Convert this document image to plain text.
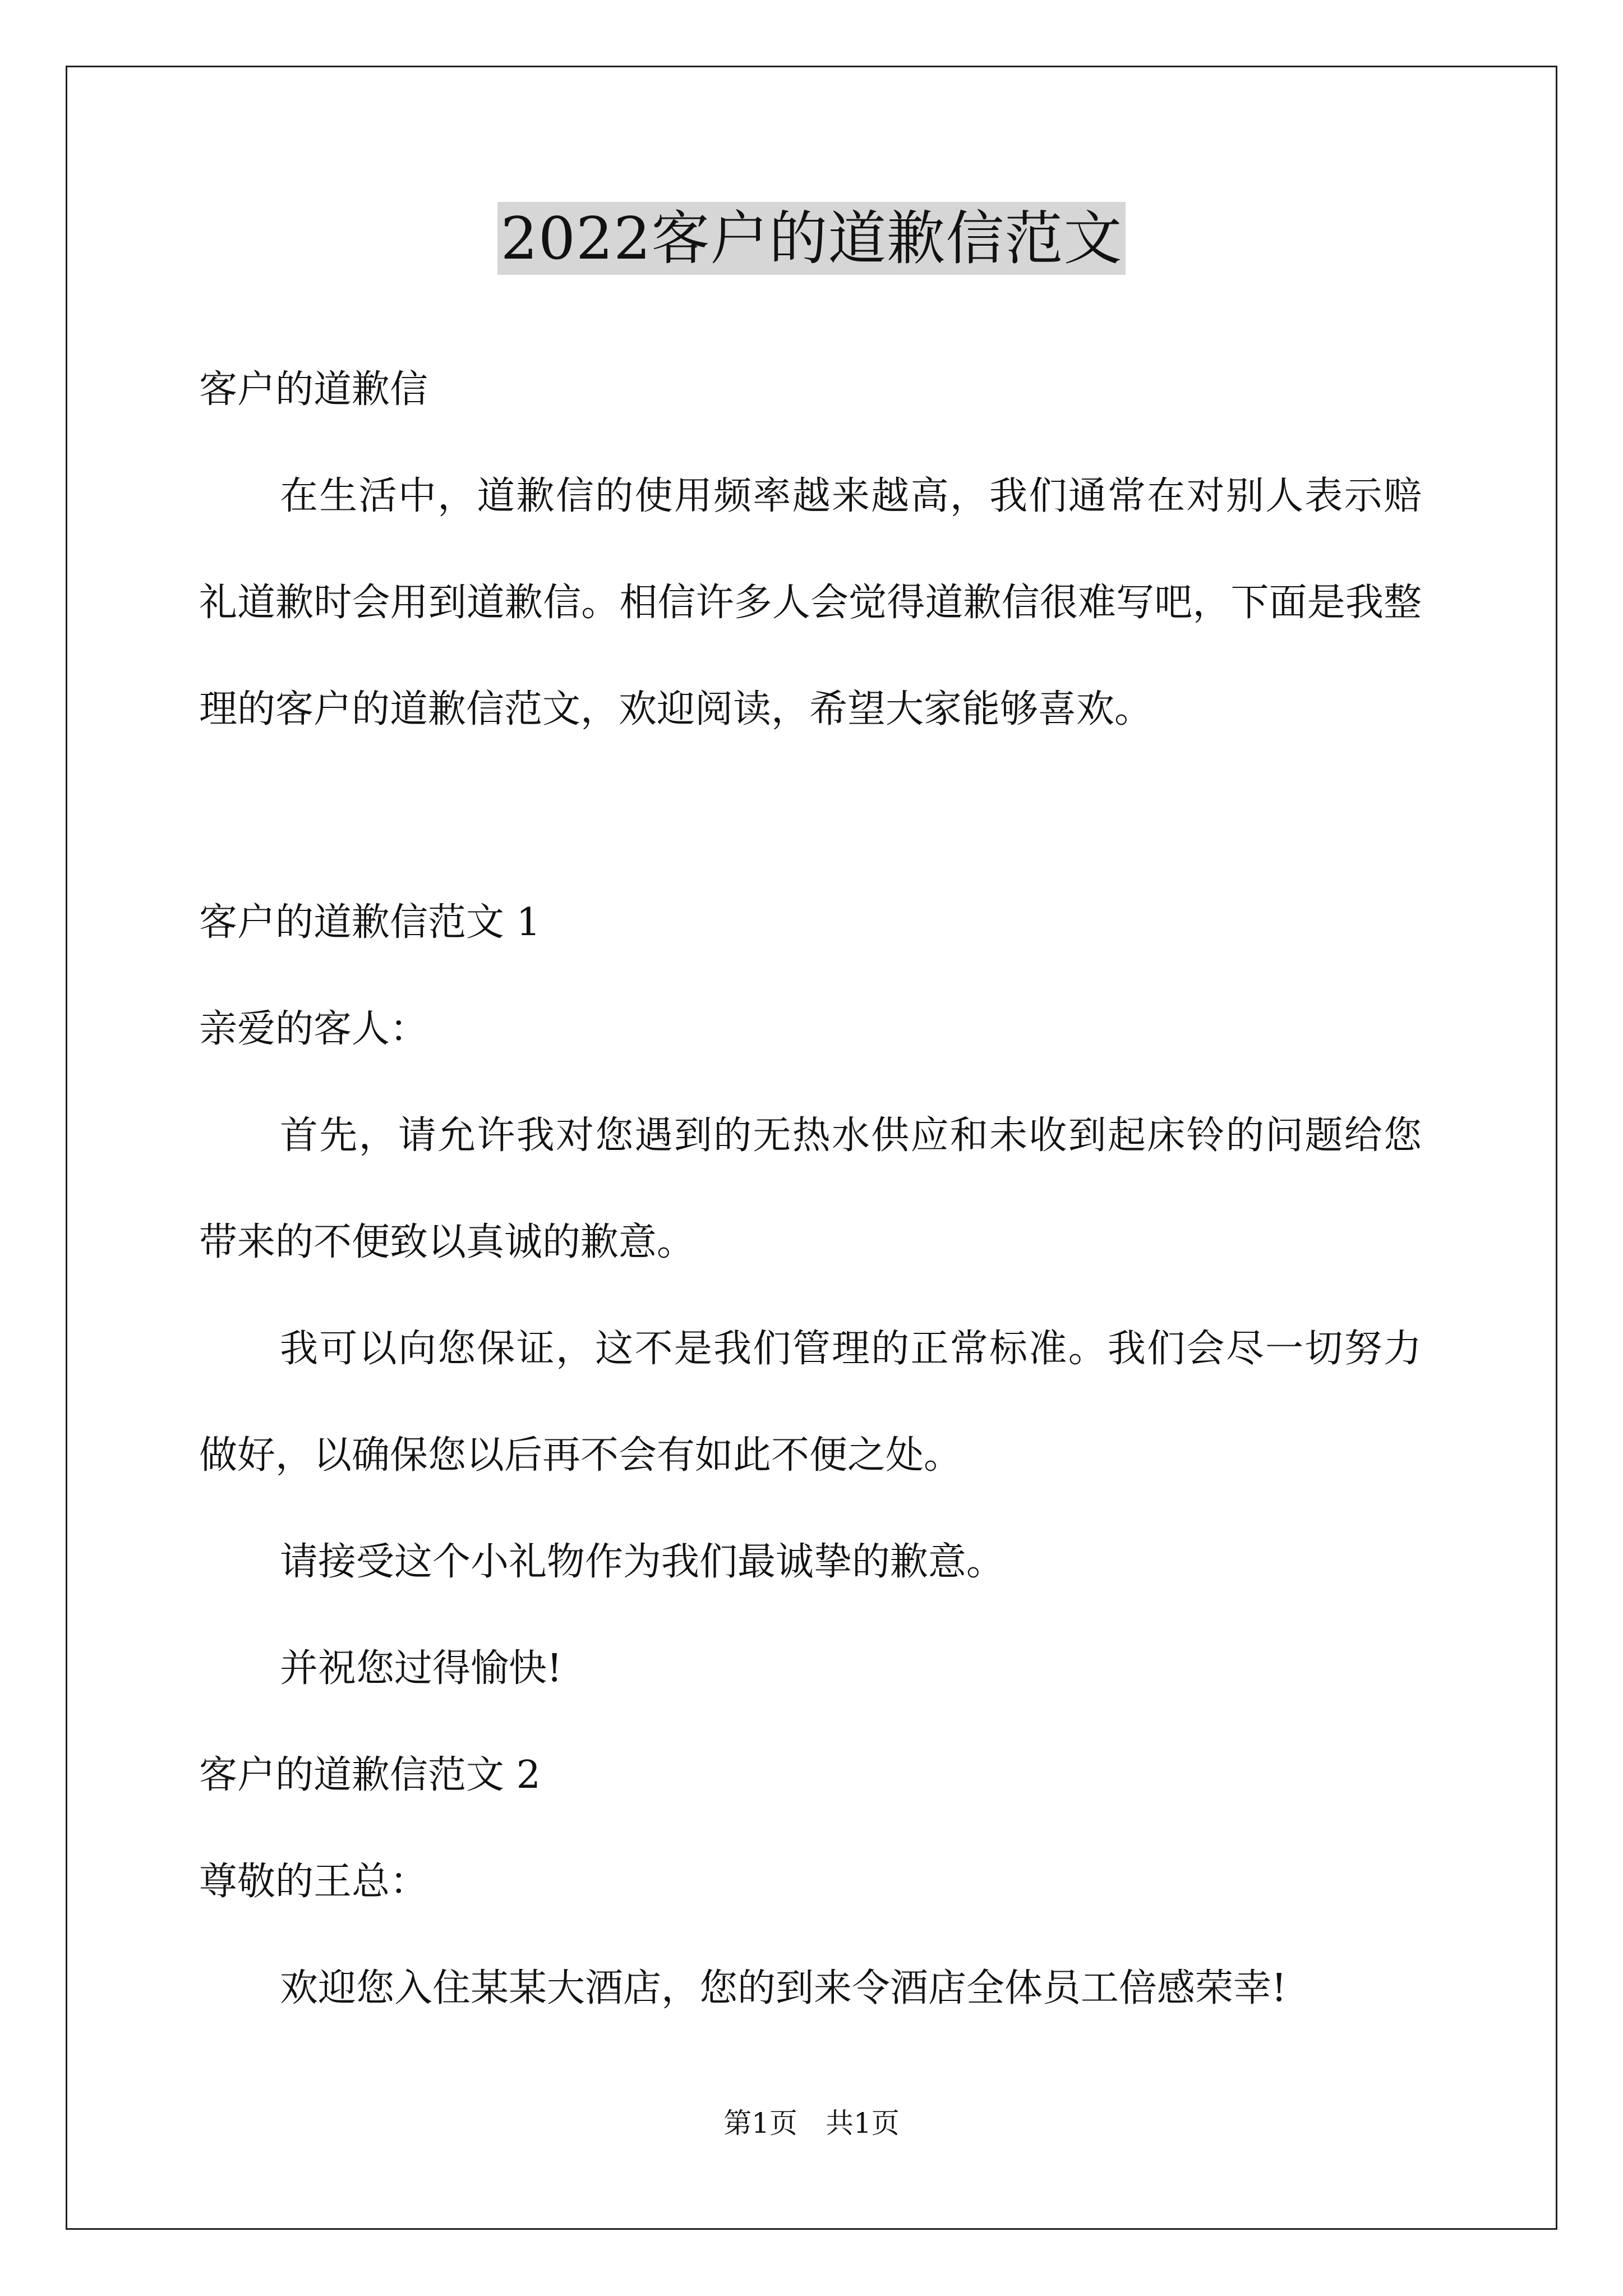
2022客户的道歉信范文

客户的道歉信

在生活中，道歉信的使用频率越来越高，我们通常在对别人表示赔礼道歉时会用到道歉信。相信许多人会觉得道歉信很难写吧，下面是我整理的客户的道歉信范文，欢迎阅读，希望大家能够喜欢。

客户的道歉信范文 1

亲爱的客人：

首先，请允许我对您遇到的无热水供应和未收到起床铃的问题给您带来的不便致以真诚的歉意。

我可以向您保证，这不是我们管理的正常标准。我们会尽一切努力做好，以确保您以后再不会有如此不便之处。

请接受这个小礼物作为我们最诚挚的歉意。

并祝您过得愉快!

客户的道歉信范文 2

尊敬的王总：

欢迎您入住某某大酒店，您的到来令酒店全体员工倍感荣幸!

第1页　共1页
